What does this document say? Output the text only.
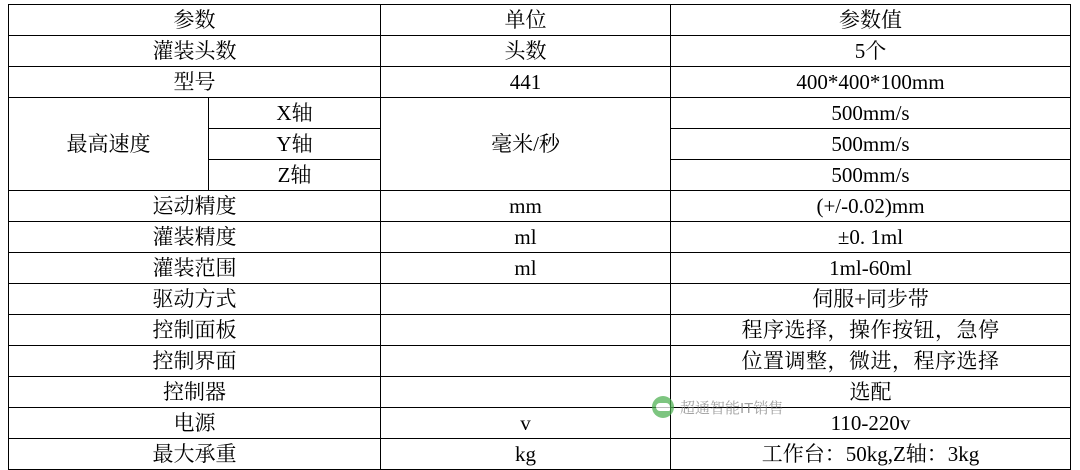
参数		单位	参数值
灌装头数		头数	5个
型号		441	400*400*100mm
最高速度	X轴	毫米/秒	500mm/s
	Y轴		500mm/s
	Z轴		500mm/s
运动精度		mm	(+/-0.02)mm
灌装精度		ml	±0. 1ml
灌装范围		ml	1ml-60ml
驱动方式			伺服+同步带
控制面板			程序选择，操作按钮，急停
控制界面			位置调整，微进，程序选择
控制器			选配
电源		v	110-220v
最大承重		kg	工作台：50kg,Z轴：3kg
超通智能IT销售
